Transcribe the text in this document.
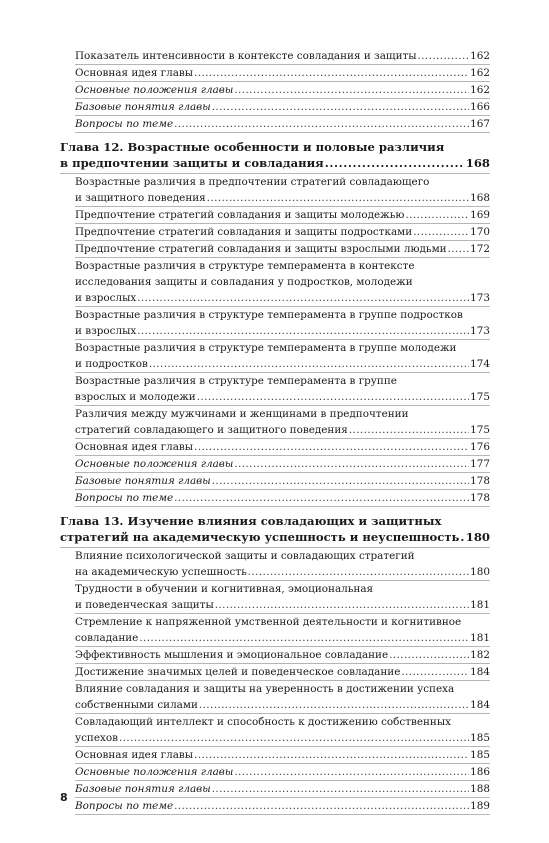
Показатель интенсивности в контексте совладания и защиты .....	162
Основная идея главы .....	162
Основные положения главы .....	162
Базовые понятия главы .....	166
Вопросы по теме .....	167
Глава 12. Возрастные особенности и половые различия
в предпочтении защиты и совладания .....	168
Возрастные различия в предпочтении стратегий совладающего
и защитного поведения .....	168
Предпочтение стратегий совладания и защиты молодежью .....	169
Предпочтение стратегий совладания и защиты подростками .....	170
Предпочтение стратегий совладания и защиты взрослыми людьми ..... 172
Возрастные различия в структуре темперамента в контексте
исследования защиты и совладания у подростков, молодежи
и взрослых .....	173
Возрастные различия в структуре темперамента в группе подростков
и взрослых .....	173
Возрастные различия в структуре темперамента в группе молодежи
и подростков .....	174
Возрастные различия в структуре темперамента в группе
взрослых и молодежи .....	175
Различия между мужчинами и женщинами в предпочтении
стратегий совладающего и защитного поведения .....	175
Основная идея главы .....	176
Основные положения главы .....	177
Базовые понятия главы .....	178
Вопросы по теме .....	178
Глава 13. Изучение влияния совладающих и защитных
стратегий на академическую успешность и неуспешность ..... 180
Влияние психологической защиты и совладающих стратегий
на академическую успешность .....	180
Трудности в обучении и когнитивная, эмоциональная
и поведенческая защиты .....	181
Стремление к напряженной умственной деятельности и когнитивное
совладание .....	181
Эффективность мышления и эмоциональное совладание .....	182
Достижение значимых целей и поведенческое совладание .....	184
Влияние совладания и защиты на уверенность в достижении успеха
собственными силами .....	184
Совладающий интеллект и способность к достижению собственных
успехов .....	185
Основная идея главы .....	185
Основные положения главы .....	186
Базовые понятия главы .....	188
Вопросы по теме .....	189
8
